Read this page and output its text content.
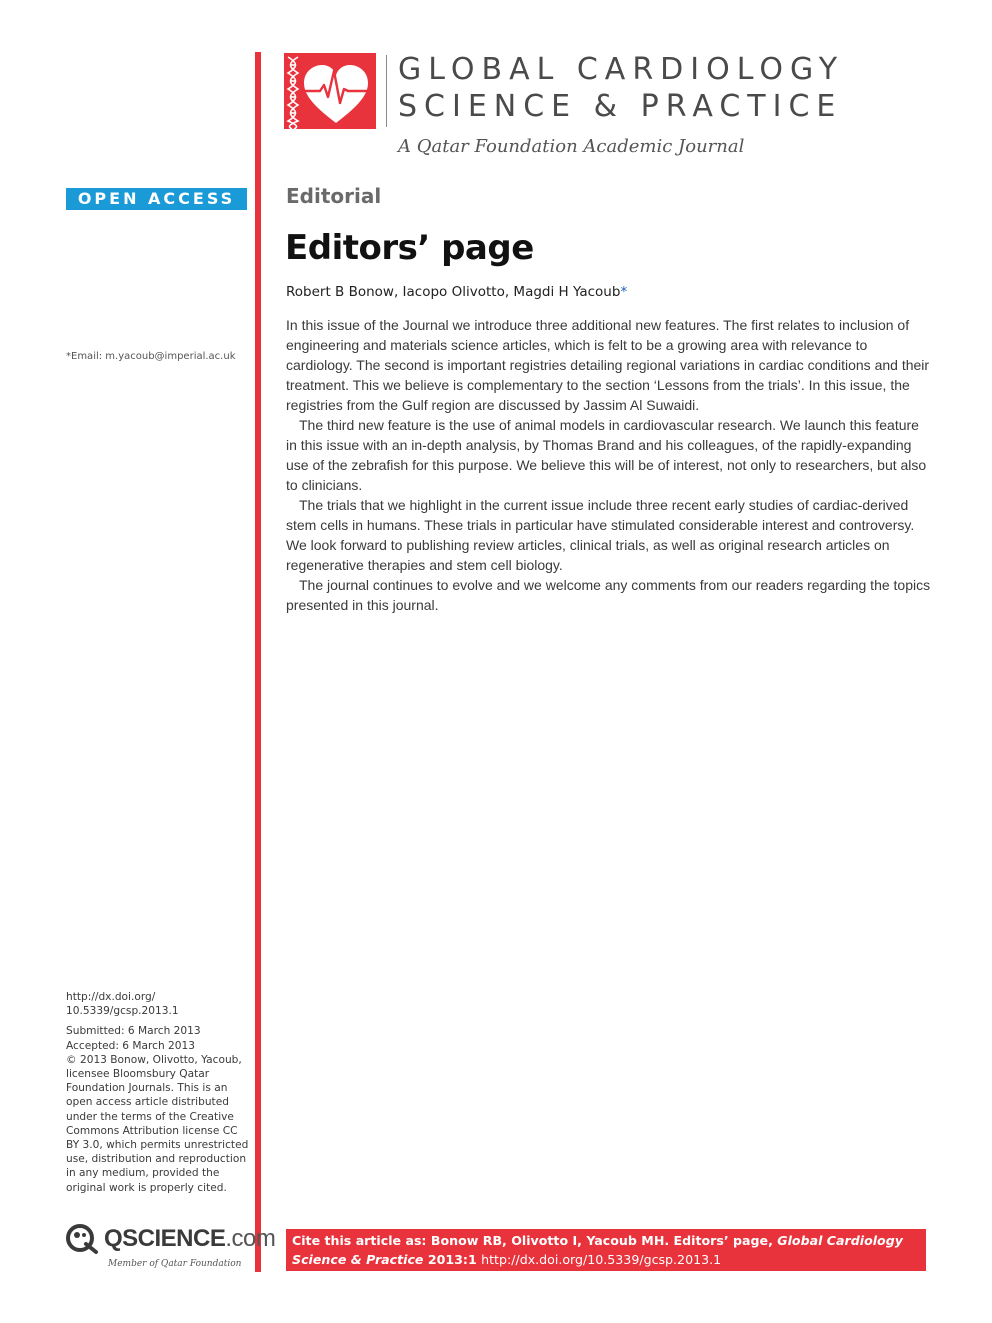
GLOBAL CARDIOLOGY
SCIENCE & PRACTICE
A Qatar Foundation Academic Journal
OPEN ACCESS
*Email: m.yacoub@imperial.ac.uk

http://dx.doi.org/

10.5339/gcsp.2013.1

Submitted: 6 March 2013

Accepted: 6 March 2013

© 2013 Bonow, Olivotto, Yacoub, licensee Bloomsbury Qatar Foundation Journals. This is an open access article distributed under the terms of the Creative Commons Attribution license CC BY 3.0, which permits unrestricted use, distribution and reproduction in any medium, provided the original work is properly cited.

QSCIENCE.com
Member of Qatar Foundation
Editorial
Editors’ page
Robert B Bonow, Iacopo Olivotto, Magdi H Yacoub*

In this issue of the Journal we introduce three additional new features. The first relates to inclusion of engineering and materials science articles, which is felt to be a growing area with relevance to cardiology. The second is important registries detailing regional variations in cardiac conditions and their treatment. This we believe is complementary to the section ‘Lessons from the trials’. In this issue, the registries from the Gulf region are discussed by Jassim Al Suwaidi.

The third new feature is the use of animal models in cardiovascular research. We launch this feature in this issue with an in-depth analysis, by Thomas Brand and his colleagues, of the rapidly-expanding use of the zebrafish for this purpose. We believe this will be of interest, not only to researchers, but also to clinicians.

The trials that we highlight in the current issue include three recent early studies of cardiac-derived stem cells in humans. These trials in particular have stimulated considerable interest and controversy. We look forward to publishing review articles, clinical trials, as well as original research articles on regenerative therapies and stem cell biology.

The journal continues to evolve and we welcome any comments from our readers regarding the topics presented in this journal.

Cite this article as: Bonow RB, Olivotto I, Yacoub MH. Editors’ page, Global Cardiology Science & Practice 2013:1 http://dx.doi.org/10.5339/gcsp.2013.1
